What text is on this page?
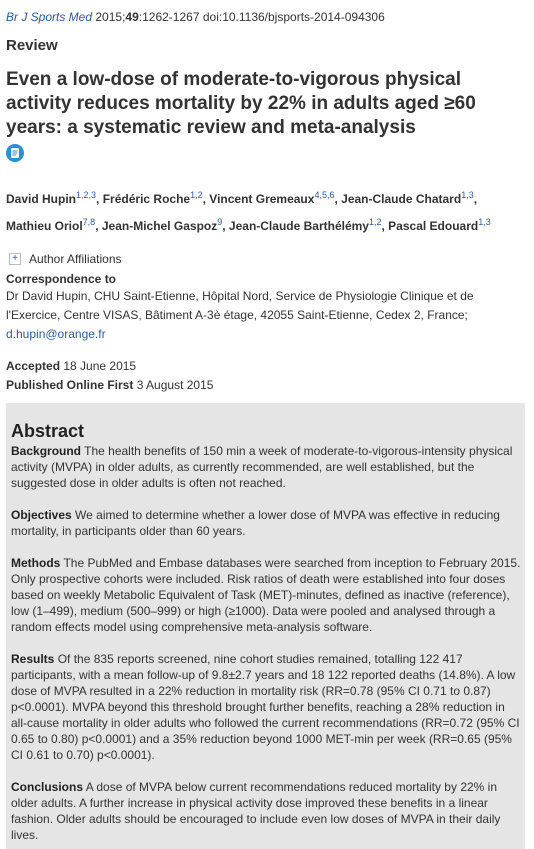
Br J Sports Med 2015;49:1262-1267 doi:10.1136/bjsports-2014-094306
Review
Even a low-dose of moderate-to-vigorous physical activity reduces mortality by 22% in adults aged ≥60 years: a systematic review and meta-analysis
David Hupin$^{1,2,3}$, Frédéric Roche$^{1,2}$, Vincent Gremeaux$^{4,5,6}$, Jean-Claude Chatard$^{1,3}$,
Mathieu Oriol$^{7,8}$, Jean-Michel Gaspoz$^9$, Jean-Claude Barthélémy$^{1,2}$, Pascal Edouard$^{1,3}$
+ Author Affiliations
Correspondence to
Dr David Hupin, CHU Saint-Etienne, Hôpital Nord, Service de Physiologie Clinique et de l'Exercice, Centre VISAS, Bâtiment A-3è étage, 42055 Saint-Etienne, Cedex 2, France;
d.hupin@orange.fr
Accepted 18 June 2015
Published Online First 3 August 2015
Abstract
Background The health benefits of 150 min a week of moderate-to-vigorous-intensity physical activity (MVPA) in older adults, as currently recommended, are well established, but the suggested dose in older adults is often not reached.
Objectives We aimed to determine whether a lower dose of MVPA was effective in reducing mortality, in participants older than 60 years.
Methods The PubMed and Embase databases were searched from inception to February 2015. Only prospective cohorts were included. Risk ratios of death were established into four doses based on weekly Metabolic Equivalent of Task (MET)-minutes, defined as inactive (reference), low (1–499), medium (500–999) or high (≥1000). Data were pooled and analysed through a random effects model using comprehensive meta-analysis software.
Results Of the 835 reports screened, nine cohort studies remained, totalling 122 417 participants, with a mean follow-up of 9.8±2.7 years and 18 122 reported deaths (14.8%). A low dose of MVPA resulted in a 22% reduction in mortality risk (RR=0.78 (95% CI 0.71 to 0.87) p<0.0001). MVPA beyond this threshold brought further benefits, reaching a 28% reduction in all-cause mortality in older adults who followed the current recommendations (RR=0.72 (95% CI 0.65 to 0.80) p<0.0001) and a 35% reduction beyond 1000 MET-min per week (RR=0.65 (95% CI 0.61 to 0.70) p<0.0001).
Conclusions A dose of MVPA below current recommendations reduced mortality by 22% in older adults. A further increase in physical activity dose improved these benefits in a linear fashion. Older adults should be encouraged to include even low doses of MVPA in their daily lives.
